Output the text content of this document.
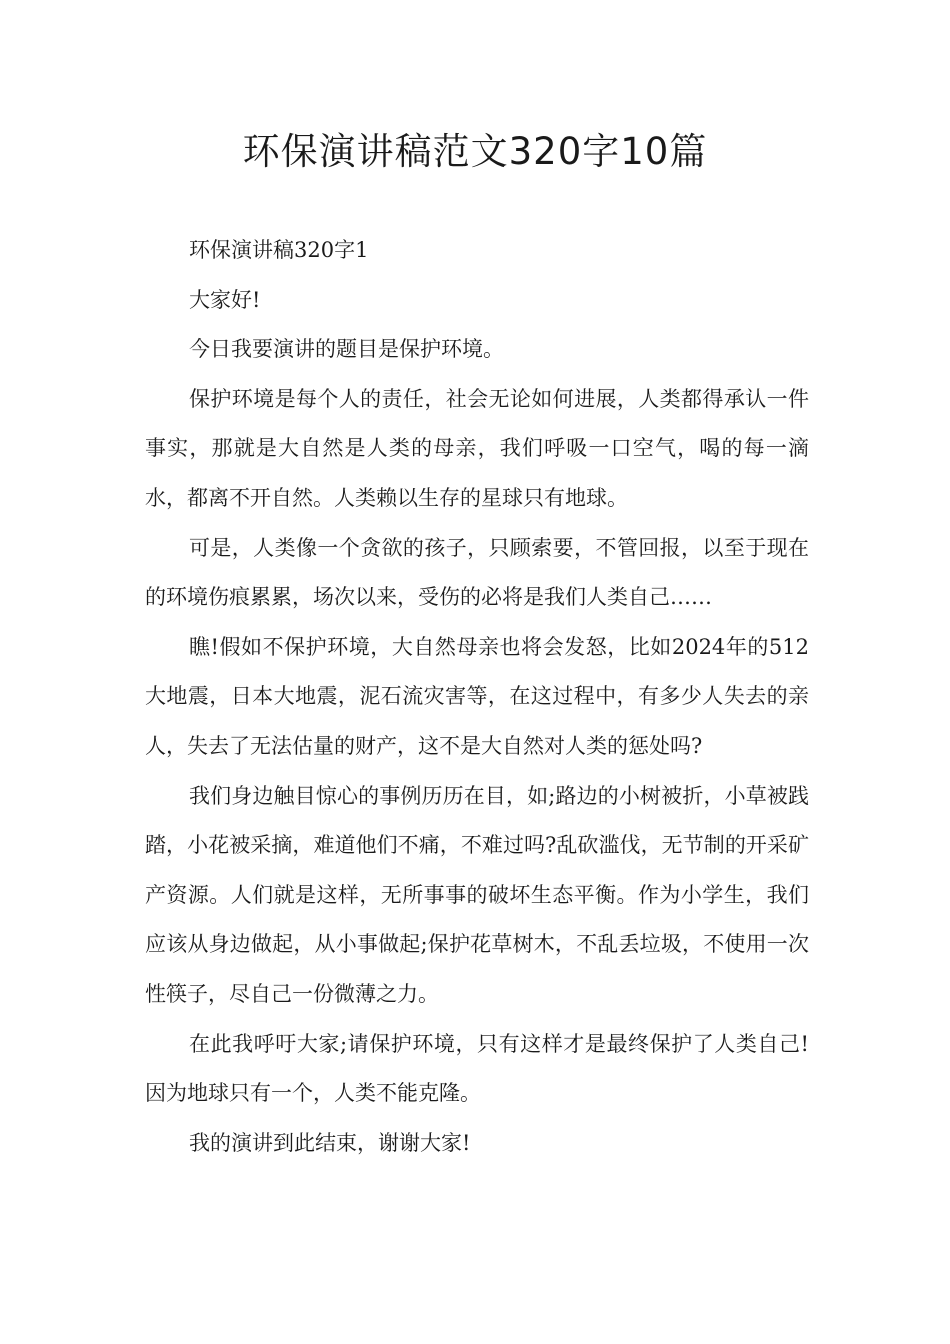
环保演讲稿范文320字10篇

环保演讲稿320字1

大家好!

今日我要演讲的题目是保护环境。

保护环境是每个人的责任，社会无论如何进展，人类都得承认一件事实，那就是大自然是人类的母亲，我们呼吸一口空气，喝的每一滴水，都离不开自然。人类赖以生存的星球只有地球。

可是，人类像一个贪欲的孩子，只顾索要，不管回报，以至于现在的环境伤痕累累，场次以来，受伤的必将是我们人类自己……

瞧!假如不保护环境，大自然母亲也将会发怒，比如2024年的512大地震，日本大地震，泥石流灾害等，在这过程中，有多少人失去的亲人，失去了无法估量的财产，这不是大自然对人类的惩处吗?

我们身边触目惊心的事例历历在目，如;路边的小树被折，小草被践踏，小花被采摘，难道他们不痛，不难过吗?乱砍滥伐，无节制的开采矿产资源。人们就是这样，无所事事的破坏生态平衡。作为小学生，我们应该从身边做起，从小事做起;保护花草树木，不乱丢垃圾，不使用一次性筷子，尽自己一份微薄之力。

在此我呼吁大家;请保护环境，只有这样才是最终保护了人类自己!因为地球只有一个，人类不能克隆。

我的演讲到此结束，谢谢大家!
